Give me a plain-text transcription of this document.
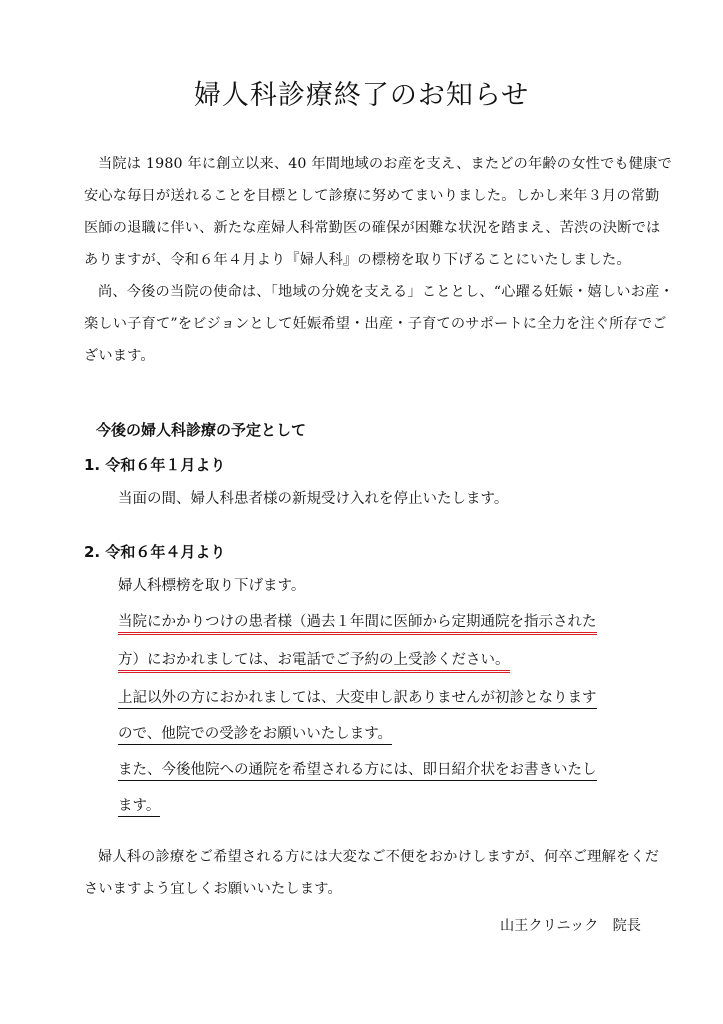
婦人科診療終了のお知らせ
当院は 1980 年に創立以来、40 年間地域のお産を支え、またどの年齢の女性でも健康で
安心な毎日が送れることを目標として診療に努めてまいりました。しかし来年３月の常勤
医師の退職に伴い、新たな産婦人科常勤医の確保が困難な状況を踏まえ、苦渋の決断では
ありますが、令和６年４月より『婦人科』の標榜を取り下げることにいたしました。
尚、今後の当院の使命は、「地域の分娩を支える」こととし、“心躍る妊娠・嬉しいお産・
楽しい子育て”をビジョンとして妊娠希望・出産・子育てのサポートに全力を注ぐ所存でご
ざいます。
今後の婦人科診療の予定として
1. 令和６年１月より
当面の間、婦人科患者様の新規受け入れを停止いたします。
2. 令和６年４月より
婦人科標榜を取り下げます。
当院にかかりつけの患者様（過去１年間に医師から定期通院を指示された
方）におかれましては、お電話でご予約の上受診ください。
上記以外の方におかれましては、大変申し訳ありませんが初診となります
ので、他院での受診をお願いいたします。
また、今後他院への通院を希望される方には、即日紹介状をお書きいたし
ます。
婦人科の診療をご希望される方には大変なご不便をおかけしますが、何卒ご理解をくだ
さいますよう宜しくお願いいたします。
山王クリニック　院長
